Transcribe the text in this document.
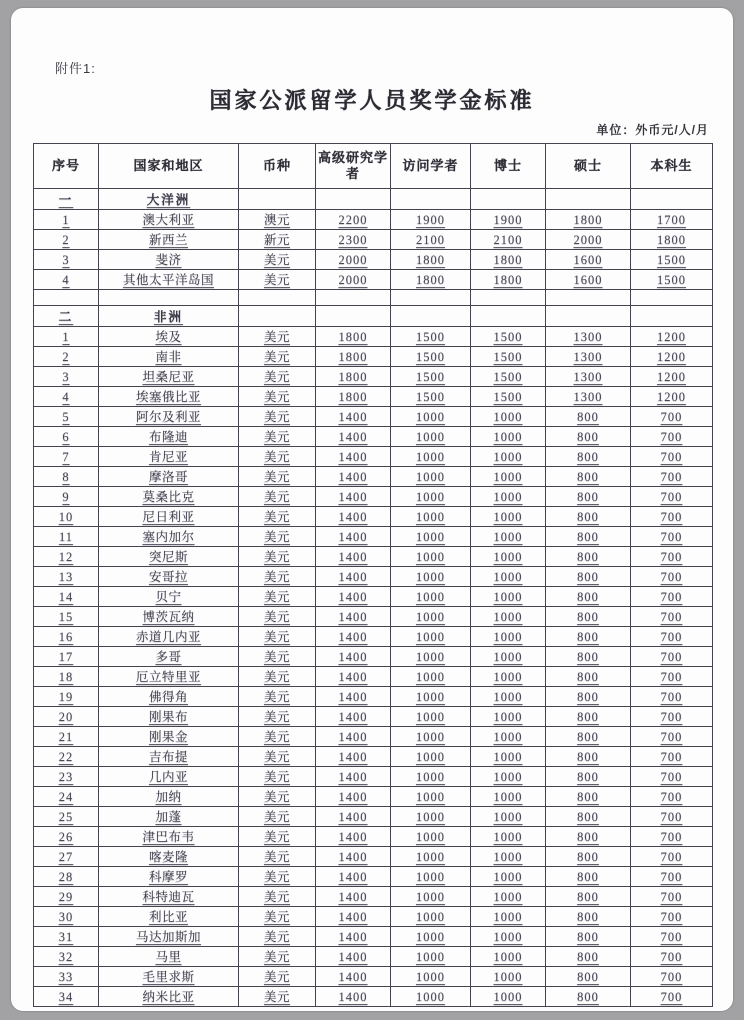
附件1:
国家公派留学人员奖学金标准
单位：外币元/人/月
序号	国家和地区	币种	高级研究学者	访问学者	博士	硕士	本科生
一	大洋洲						
1	澳大利亚	澳元	2200	1900	1900	1800	1700
2	新西兰	新元	2300	2100	2100	2000	1800
3	斐济	美元	2000	1800	1800	1600	1500
4	其他太平洋岛国	美元	2000	1800	1800	1600	1500

二	非洲						
1	埃及	美元	1800	1500	1500	1300	1200
2	南非	美元	1800	1500	1500	1300	1200
3	坦桑尼亚	美元	1800	1500	1500	1300	1200
4	埃塞俄比亚	美元	1800	1500	1500	1300	1200
5	阿尔及利亚	美元	1400	1000	1000	800	700
6	布隆迪	美元	1400	1000	1000	800	700
7	肯尼亚	美元	1400	1000	1000	800	700
8	摩洛哥	美元	1400	1000	1000	800	700
9	莫桑比克	美元	1400	1000	1000	800	700
10	尼日利亚	美元	1400	1000	1000	800	700
11	塞内加尔	美元	1400	1000	1000	800	700
12	突尼斯	美元	1400	1000	1000	800	700
13	安哥拉	美元	1400	1000	1000	800	700
14	贝宁	美元	1400	1000	1000	800	700
15	博茨瓦纳	美元	1400	1000	1000	800	700
16	赤道几内亚	美元	1400	1000	1000	800	700
17	多哥	美元	1400	1000	1000	800	700
18	厄立特里亚	美元	1400	1000	1000	800	700
19	佛得角	美元	1400	1000	1000	800	700
20	刚果布	美元	1400	1000	1000	800	700
21	刚果金	美元	1400	1000	1000	800	700
22	吉布提	美元	1400	1000	1000	800	700
23	几内亚	美元	1400	1000	1000	800	700
24	加纳	美元	1400	1000	1000	800	700
25	加蓬	美元	1400	1000	1000	800	700
26	津巴布韦	美元	1400	1000	1000	800	700
27	喀麦隆	美元	1400	1000	1000	800	700
28	科摩罗	美元	1400	1000	1000	800	700
29	科特迪瓦	美元	1400	1000	1000	800	700
30	利比亚	美元	1400	1000	1000	800	700
31	马达加斯加	美元	1400	1000	1000	800	700
32	马里	美元	1400	1000	1000	800	700
33	毛里求斯	美元	1400	1000	1000	800	700
34	纳米比亚	美元	1400	1000	1000	800	700
